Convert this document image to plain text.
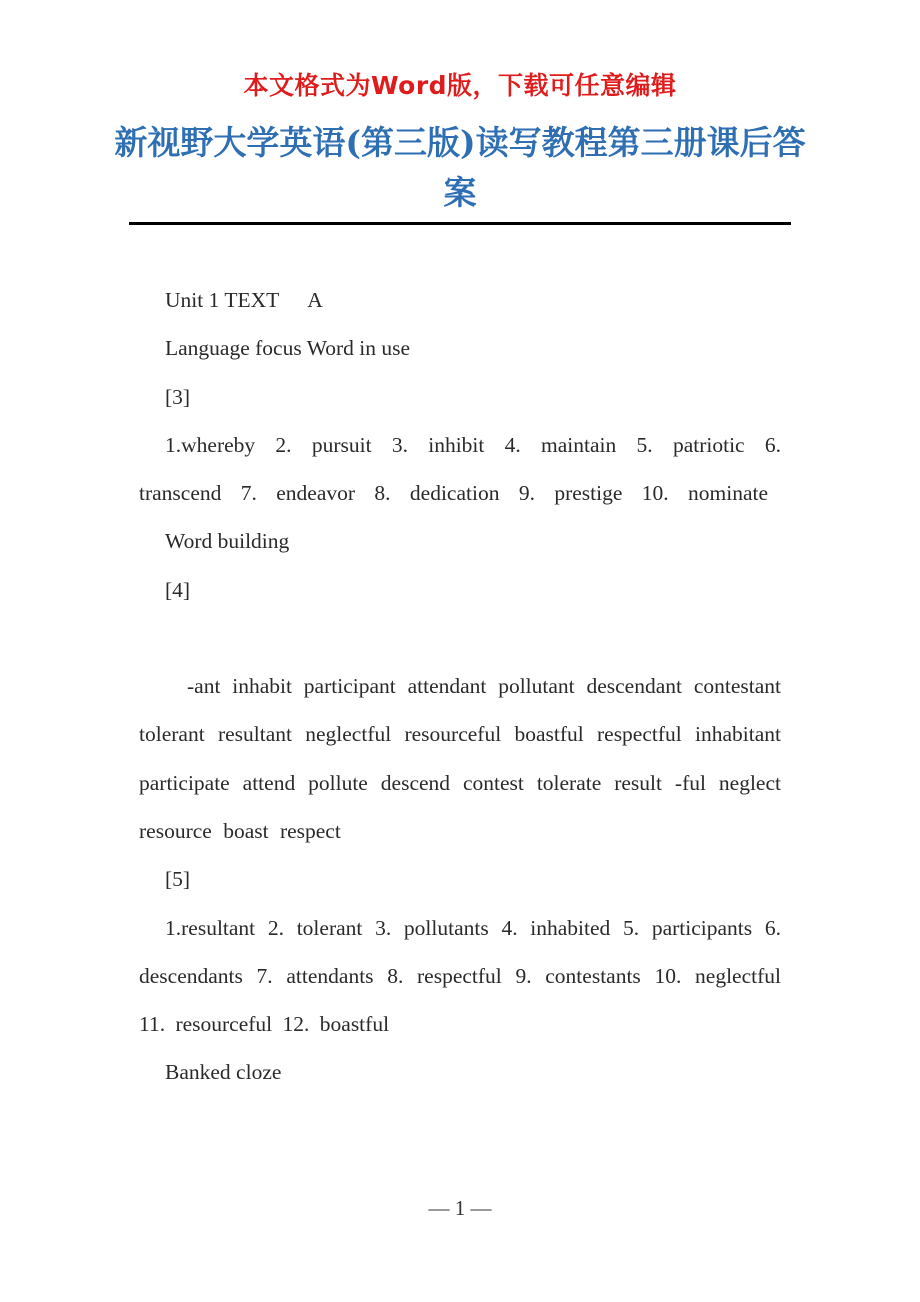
本文格式为Word版，下载可任意编辑
新视野大学英语(第三版)读写教程第三册课后答案

Unit 1 TEXT A

Language focus Word in use

[3]

1.whereby 2. pursuit 3. inhibit 4. maintain 5. patriotic 6. transcend 7. endeavor 8. dedication 9. prestige 10. nominate

Word building

[4]

-ant inhabit participant attendant pollutant descendant contestant tolerant resultant neglectful resourceful boastful respectful inhabitant participate attend pollute descend contest tolerate result -ful neglect resource boast respect

[5]

1.resultant 2. tolerant 3. pollutants 4. inhabited 5. participants 6. descendants 7. attendants 8. respectful 9. contestants 10. neglectful 11. resourceful 12. boastful

Banked cloze

— 1 —
